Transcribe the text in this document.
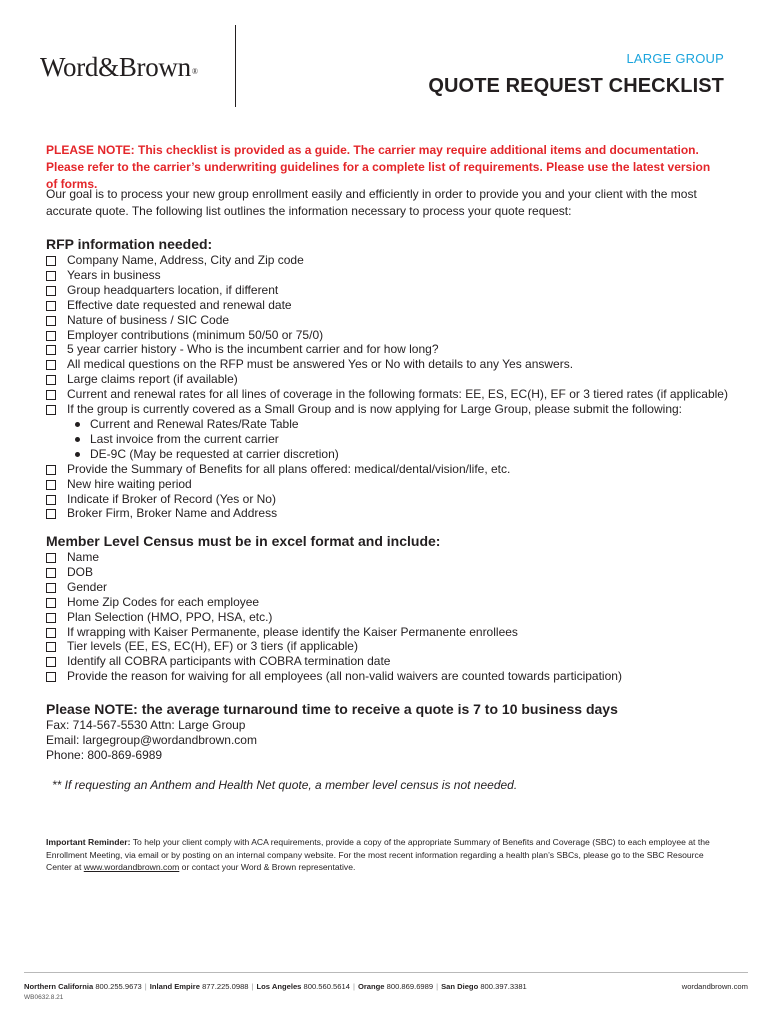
Word&Brown®
LARGE GROUP
QUOTE REQUEST CHECKLIST
PLEASE NOTE: This checklist is provided as a guide. The carrier may require additional items and documentation. Please refer to the carrier’s underwriting guidelines for a complete list of requirements. Please use the latest version of forms.
Our goal is to process your new group enrollment easily and efficiently in order to provide you and your client with the most accurate quote. The following list outlines the information necessary to process your quote request:
RFP information needed:
Company Name, Address, City and Zip code
Years in business
Group headquarters location, if different
Effective date requested and renewal date
Nature of business / SIC Code
Employer contributions (minimum 50/50 or 75/0)
5 year carrier history - Who is the incumbent carrier and for how long?
All medical questions on the RFP must be answered Yes or No with details to any Yes answers.
Large claims report (if available)
Current and renewal rates for all lines of coverage in the following formats: EE, ES, EC(H), EF or 3 tiered rates (if applicable)
If the group is currently covered as a Small Group and is now applying for Large Group, please submit the following:
Current and Renewal Rates/Rate Table
Last invoice from the current carrier
DE-9C (May be requested at carrier discretion)
Provide the Summary of Benefits for all plans offered: medical/dental/vision/life, etc.
New hire waiting period
Indicate if Broker of Record (Yes or No)
Broker Firm, Broker Name and Address
Member Level Census must be in excel format and include:
Name
DOB
Gender
Home Zip Codes for each employee
Plan Selection (HMO, PPO, HSA, etc.)
If wrapping with Kaiser Permanente, please identify the Kaiser Permanente enrollees
Tier levels (EE, ES, EC(H), EF) or 3 tiers (if applicable)
Identify all COBRA participants with COBRA termination date
Provide the reason for waiving for all employees (all non-valid waivers are counted towards participation)
Please NOTE: the average turnaround time to receive a quote is 7 to 10 business days
Fax: 714-567-5530 Attn: Large Group
Email: largegroup@wordandbrown.com
Phone: 800-869-6989
** If requesting an Anthem and Health Net quote, a member level census is not needed.
Important Reminder: To help your client comply with ACA requirements, provide a copy of the appropriate Summary of Benefits and Coverage (SBC) to each employee at the Enrollment Meeting, via email or by posting on an internal company website. For the most recent information regarding a health plan’s SBCs, please go to the SBC Resource Center at www.wordandbrown.com or contact your Word & Brown representative.
Northern California 800.255.9673 | Inland Empire 877.225.0988 | Los Angeles 800.560.5614 | Orange 800.869.6989 | San Diego 800.397.3381	wordandbrown.com
WB0632.8.21
